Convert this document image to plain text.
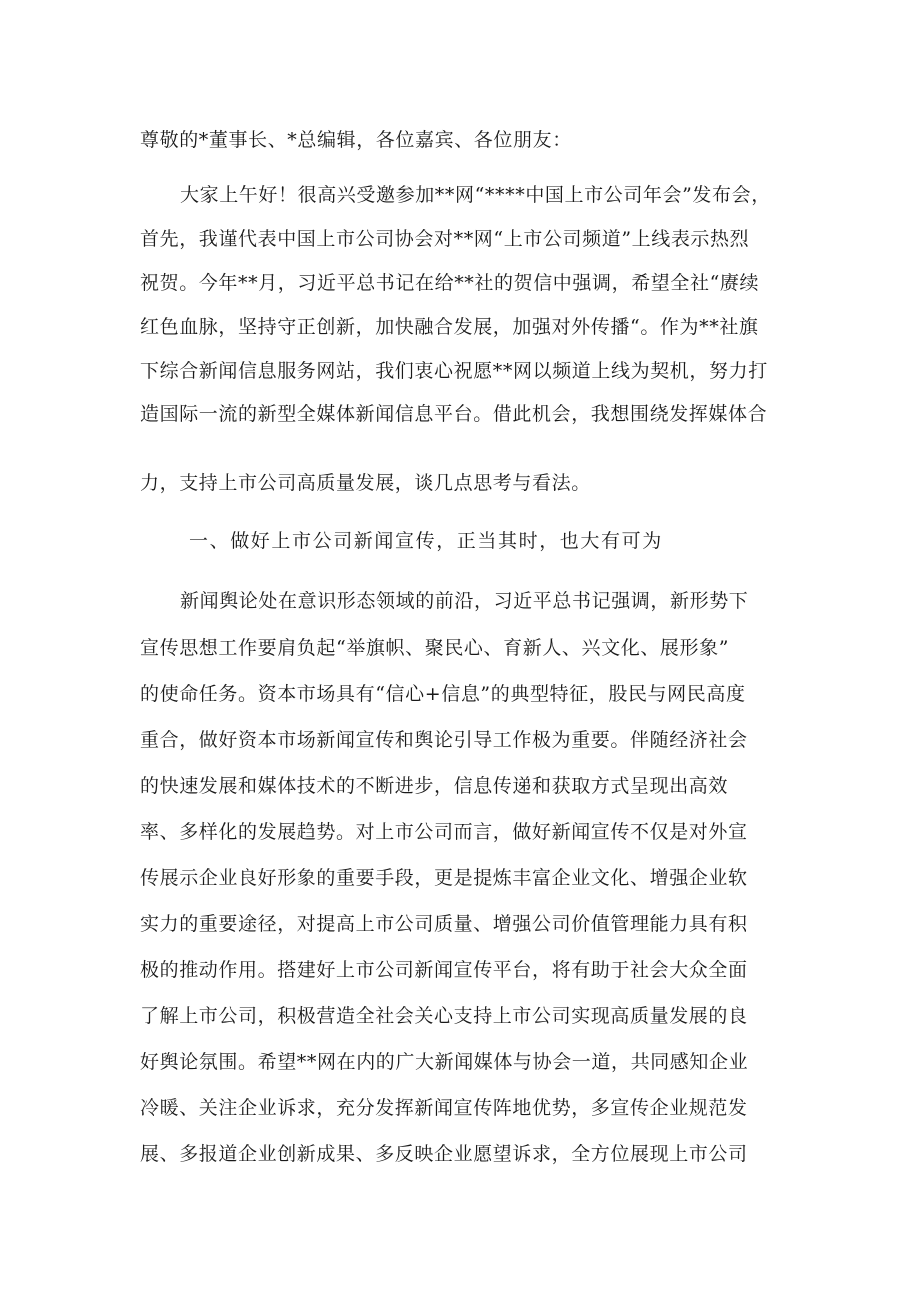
尊敬的*董事长、*总编辑，各位嘉宾、各位朋友：
大家上午好！很高兴受邀参加**网“****中国上市公司年会”发布会，
首先，我谨代表中国上市公司协会对**网“上市公司频道”上线表示热烈
祝贺。今年**月，习近平总书记在给**社的贺信中强调，希望全社“赓续
红色血脉，坚持守正创新，加快融合发展，加强对外传播“。作为**社旗
下综合新闻信息服务网站，我们衷心祝愿**网以频道上线为契机，努力打
造国际一流的新型全媒体新闻信息平台。借此机会，我想围绕发挥媒体合
力，支持上市公司高质量发展，谈几点思考与看法。
一、做好上市公司新闻宣传，正当其时，也大有可为
新闻舆论处在意识形态领域的前沿，习近平总书记强调，新形势下
宣传思想工作要肩负起“举旗帜、聚民心、育新人、兴文化、展形象”
的使命任务。资本市场具有“信心+信息”的典型特征，股民与网民高度
重合，做好资本市场新闻宣传和舆论引导工作极为重要。伴随经济社会
的快速发展和媒体技术的不断进步，信息传递和获取方式呈现出高效
率、多样化的发展趋势。对上市公司而言，做好新闻宣传不仅是对外宣
传展示企业良好形象的重要手段，更是提炼丰富企业文化、增强企业软
实力的重要途径，对提高上市公司质量、增强公司价值管理能力具有积
极的推动作用。搭建好上市公司新闻宣传平台，将有助于社会大众全面
了解上市公司，积极营造全社会关心支持上市公司实现高质量发展的良
好舆论氛围。希望**网在内的广大新闻媒体与协会一道，共同感知企业
冷暖、关注企业诉求，充分发挥新闻宣传阵地优势，多宣传企业规范发
展、多报道企业创新成果、多反映企业愿望诉求，全方位展现上市公司
